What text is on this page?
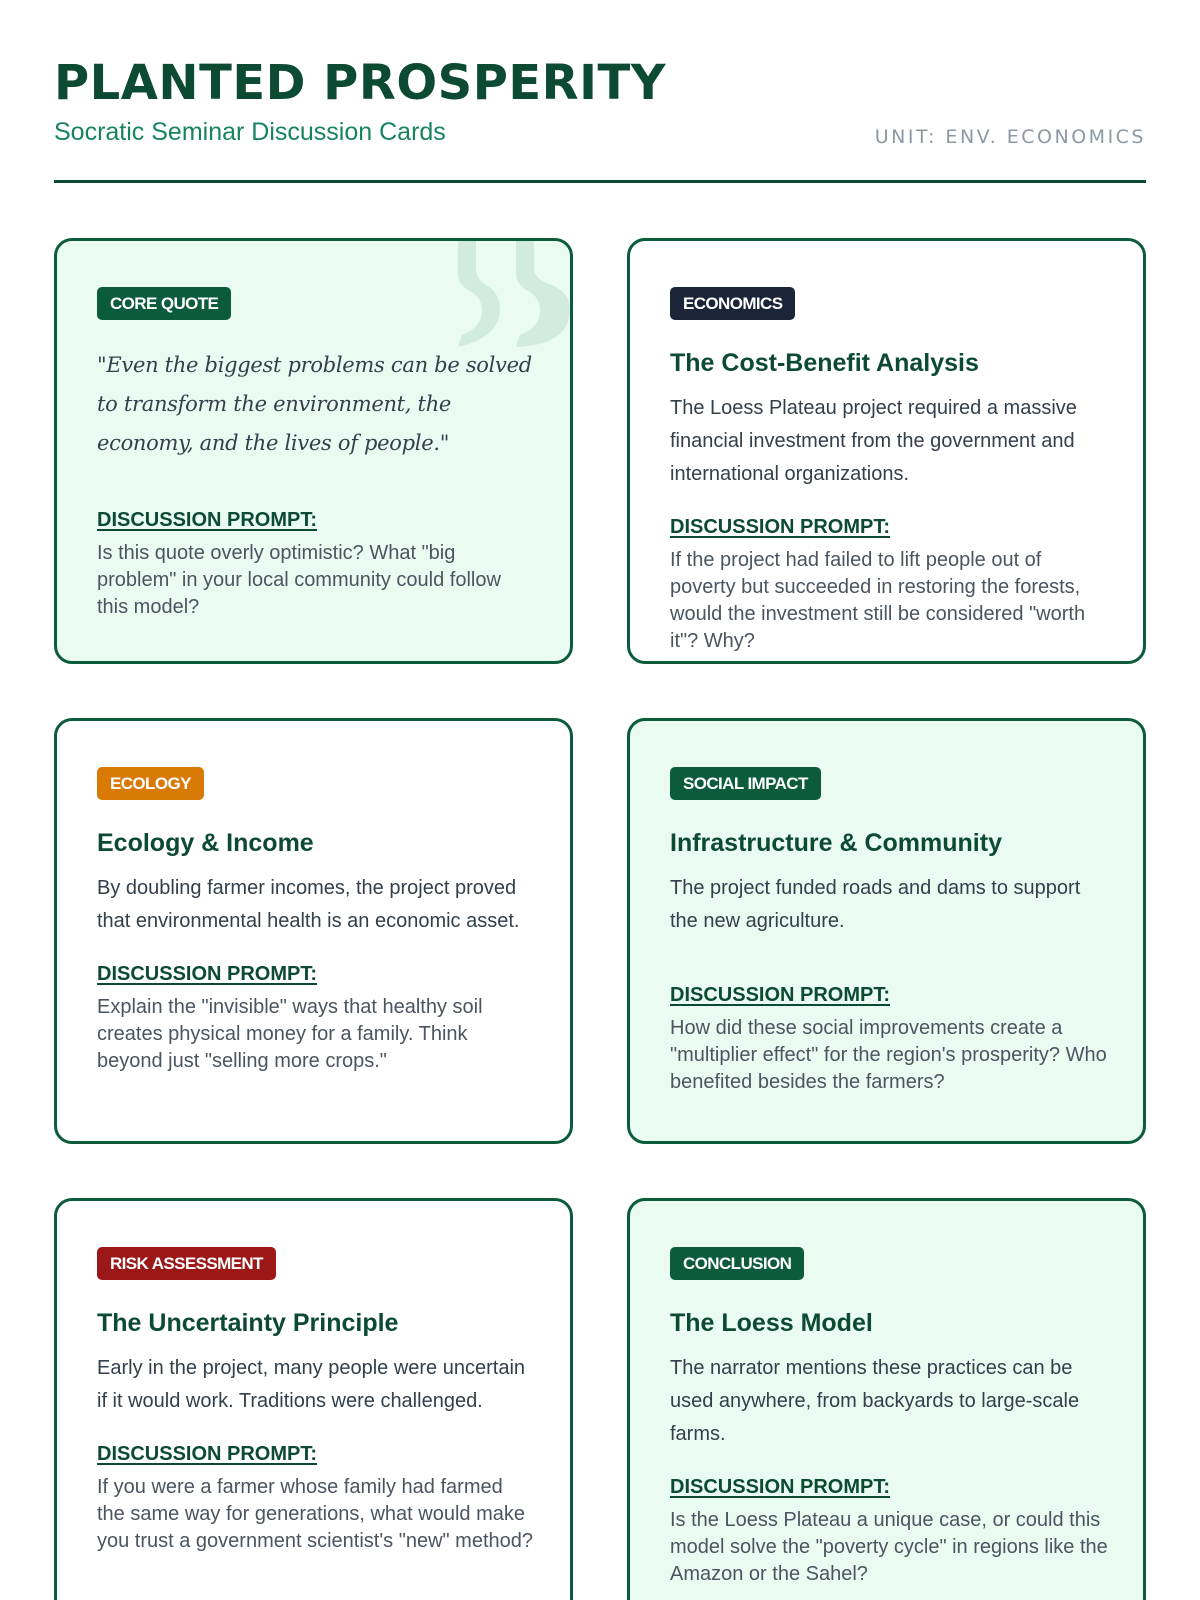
PLANTED PROSPERITY
Socratic Seminar Discussion Cards	UNIT: ENV. ECONOMICS
CORE QUOTE
"Even the biggest problems can be solved to transform the environment, the economy, and the lives of people."
DISCUSSION PROMPT:
Is this quote overly optimistic? What "big problem" in your local community could follow this model?
ECONOMICS
The Cost-Benefit Analysis
The Loess Plateau project required a massive financial investment from the government and international organizations.
DISCUSSION PROMPT:
If the project had failed to lift people out of poverty but succeeded in restoring the forests, would the investment still be considered "worth it"? Why?
ECOLOGY
Ecology & Income
By doubling farmer incomes, the project proved that environmental health is an economic asset.
DISCUSSION PROMPT:
Explain the "invisible" ways that healthy soil creates physical money for a family. Think beyond just "selling more crops."
SOCIAL IMPACT
Infrastructure & Community
The project funded roads and dams to support the new agriculture.
DISCUSSION PROMPT:
How did these social improvements create a "multiplier effect" for the region's prosperity? Who benefited besides the farmers?
RISK ASSESSMENT
The Uncertainty Principle
Early in the project, many people were uncertain if it would work. Traditions were challenged.
DISCUSSION PROMPT:
If you were a farmer whose family had farmed the same way for generations, what would make you trust a government scientist's "new" method?
CONCLUSION
The Loess Model
The narrator mentions these practices can be used anywhere, from backyards to large-scale farms.
DISCUSSION PROMPT:
Is the Loess Plateau a unique case, or could this model solve the "poverty cycle" in regions like the Amazon or the Sahel?
